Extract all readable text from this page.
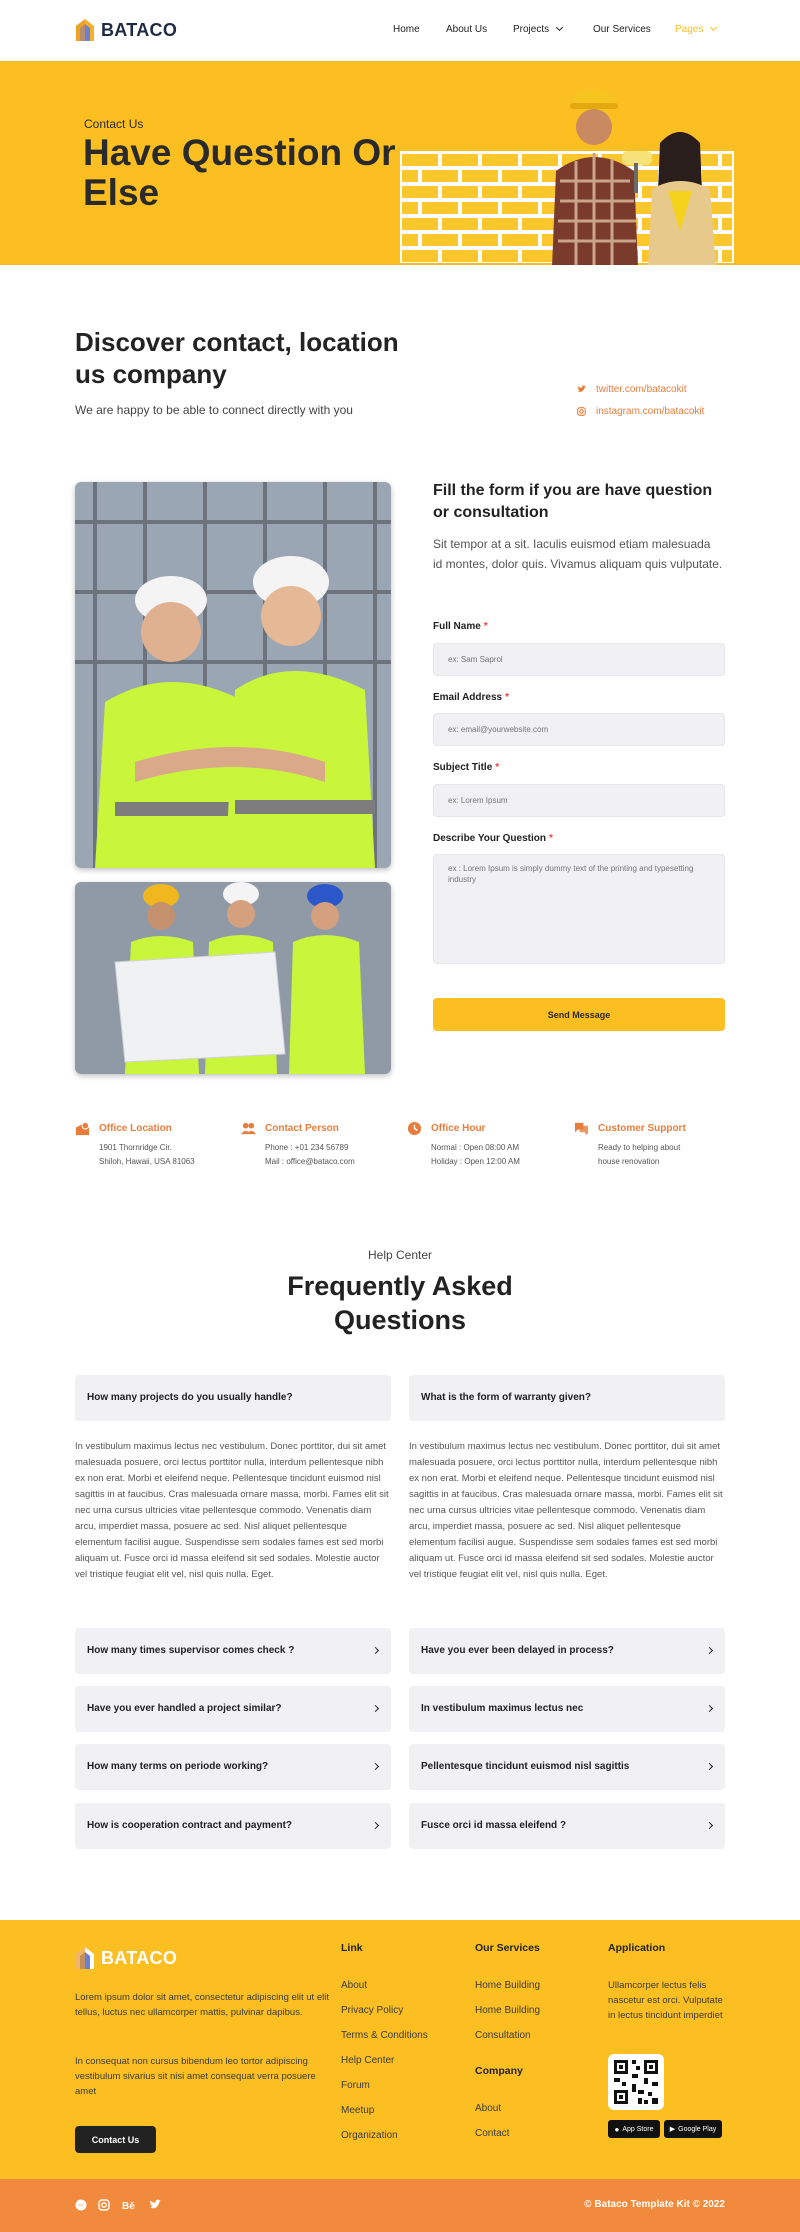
BATACO	Home	About Us	Projects	Our Services Pages
Contact Us
Have Question Or Else
Discover contact, location us company
We are happy to be able to connect directly with you
twitter.com/batacokit
instagram.com/batacokit
Fill the form if you are have question or consultation
Sit tempor at a sit. Iaculis euismod etiam malesuada id montes, dolor quis. Vivamus aliquam quis vulputate.
Full Name *
ex: Sam Saprol
Email Address *
ex: email@yourwebsite.com
Subject Title *
ex: Lorem Ipsum
Describe Your Question *
ex : Lorem Ipsum is simply dummy text of the printing and typesetting industry
Send Message
Office Location
1901 Thornridge Cir.
Shiloh, Hawaii, USA 81063
Contact Person
Phone : +01 234 56789
Mail : office@bataco.com
Office Hour
Normal : Open 08:00 AM
Holiday : Open 12:00 AM
Customer Support
Ready to helping about
house renovation
Help Center
Frequently Asked Questions
How many projects do you usually handle?	What is the form of warranty given?
In vestibulum maximus lectus nec vestibulum. Donec porttitor, dui sit amet malesuada posuere, orci lectus porttitor nulla, interdum pellentesque nibh ex non erat. Morbi et eleifend neque. Pellentesque tincidunt euismod nisl sagittis in at faucibus. Cras malesuada ornare massa, morbi. Fames elit sit nec urna cursus ultricies vitae pellentesque commodo. Venenatis diam arcu, imperdiet massa, posuere ac sed. Nisl aliquet pellentesque elementum facilisi augue. Suspendisse sem sodales fames est sed morbi aliquam ut. Fusce orci id massa eleifend sit sed sodales. Molestie auctor vel tristique feugiat elit vel, nisl quis nulla. Eget.
In vestibulum maximus lectus nec vestibulum. Donec porttitor, dui sit amet malesuada posuere, orci lectus porttitor nulla, interdum pellentesque nibh ex non erat. Morbi et eleifend neque. Pellentesque tincidunt euismod nisl sagittis in at faucibus. Cras malesuada ornare massa, morbi. Fames elit sit nec urna cursus ultricies vitae pellentesque commodo. Venenatis diam arcu, imperdiet massa, posuere ac sed. Nisl aliquet pellentesque elementum facilisi augue. Suspendisse sem sodales fames est sed morbi aliquam ut. Fusce orci id massa eleifend sit sed sodales. Molestie auctor vel tristique feugiat elit vel, nisl quis nulla. Eget.
How many times supervisor comes check ?
Have you ever handled a project similar?
How many terms on periode working?
How is cooperation contract and payment?
Have you ever been delayed in process?
In vestibulum maximus lectus nec
Pellentesque tincidunt euismod nisl sagittis
Fusce orci id massa eleifend ?
BATACO
Lorem ipsum dolor sit amet, consectetur adipiscing elit ut elit tellus, luctus nec ullamcorper mattis, pulvinar dapibus.
In consequat non cursus bibendum leo tortor adipiscing vestibulum sivarius sit nisi amet consequat verra posuere amet
Contact Us
Link
About
Privacy Policy
Terms & Conditions
Help Center
Forum
Meetup
Organization
Our Services
Home Building
Home Building
Consultation
Company
About
Contact
Application
Ullamcorper lectus felis nascetur est orci. Vulputate in lectus tincidunt imperdiet
● App Store ▶ Google Play
Bē	© Bataco Template Kit © 2022
